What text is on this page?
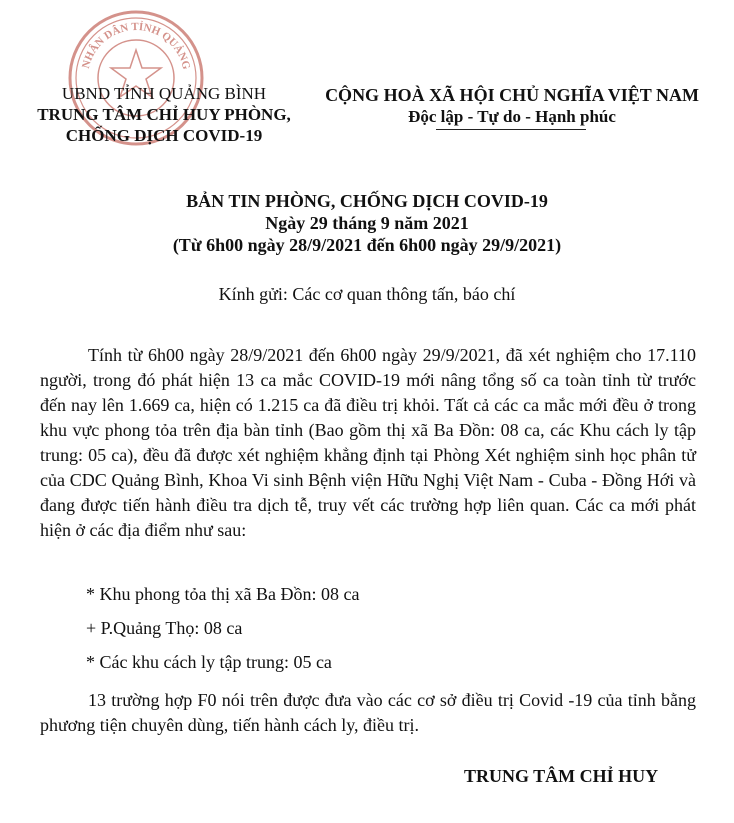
NHÂN DÂN TỈNH QUẢNG
UBND TỈNH QUẢNG BÌNH
TRUNG TÂM CHỈ HUY PHÒNG,
CHỐNG DỊCH COVID-19
CỘNG HOÀ XÃ HỘI CHỦ NGHĨA VIỆT NAM
Độc lập - Tự do - Hạnh phúc
BẢN TIN PHÒNG, CHỐNG DỊCH COVID-19
Ngày 29 tháng 9 năm 2021
(Từ 6h00 ngày 28/9/2021 đến 6h00 ngày 29/9/2021)
Kính gửi: Các cơ quan thông tấn, báo chí

Tính từ 6h00 ngày 28/9/2021 đến 6h00 ngày 29/9/2021, đã xét nghiệm cho 17.110 người, trong đó phát hiện 13 ca mắc COVID-19 mới nâng tổng số ca toàn tỉnh từ trước đến nay lên 1.669 ca, hiện có 1.215 ca đã điều trị khỏi. Tất cả các ca mắc mới đều ở trong khu vực phong tỏa trên địa bàn tỉnh (Bao gồm thị xã Ba Đồn: 08 ca, các Khu cách ly tập trung: 05 ca), đều đã được xét nghiệm khẳng định tại Phòng Xét nghiệm sinh học phân tử của CDC Quảng Bình, Khoa Vi sinh Bệnh viện Hữu Nghị Việt Nam - Cuba - Đồng Hới và đang được tiến hành điều tra dịch tễ, truy vết các trường hợp liên quan. Các ca mới phát hiện ở các địa điểm như sau:

* Khu phong tỏa thị xã Ba Đồn: 08 ca
+ P.Quảng Thọ: 08 ca
* Các khu cách ly tập trung: 05 ca

13 trường hợp F0 nói trên được đưa vào các cơ sở điều trị Covid -19 của tỉnh bằng phương tiện chuyên dùng, tiến hành cách ly, điều trị.

TRUNG TÂM CHỈ HUY
